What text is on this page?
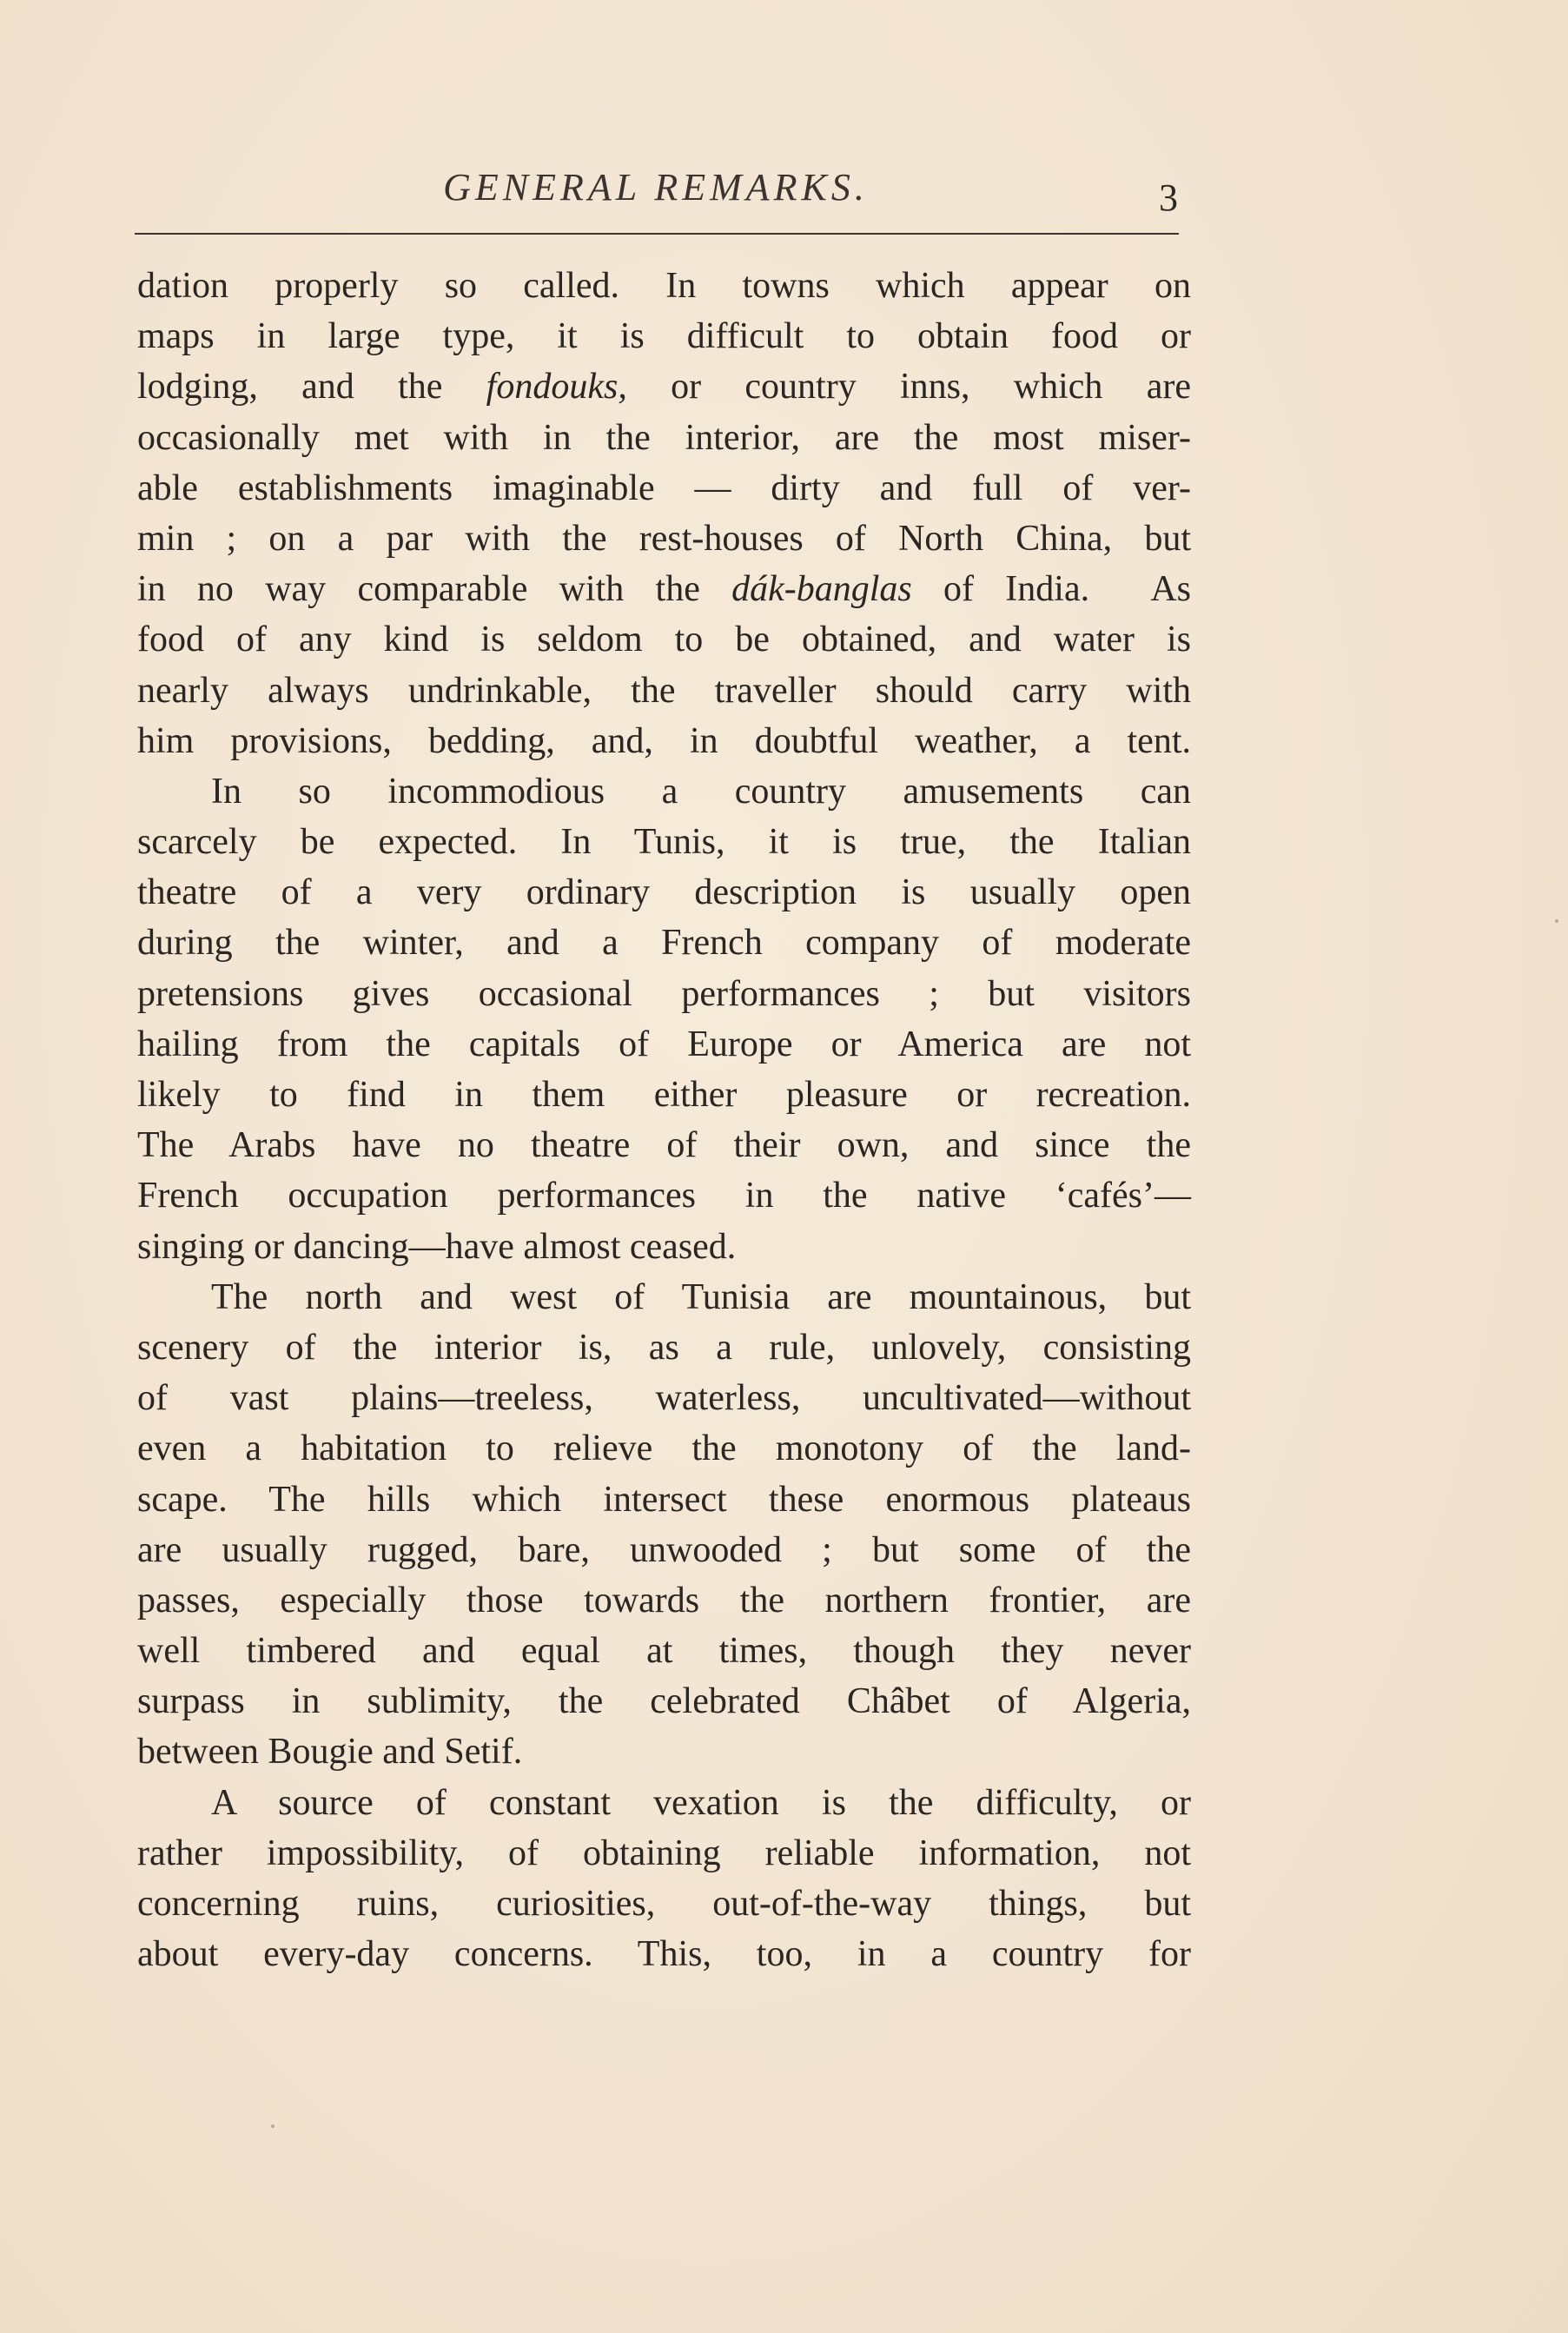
GENERAL REMARKS.	3
dation properly so called. In towns which appear on
maps in large type, it is difficult to obtain food or
lodging, and the fondouks, or country inns, which are
occasionally met with in the interior, are the most miser-
able establishments imaginable — dirty and full of ver-
min ; on a par with the rest-houses of North China, but
in no way comparable with the dák-banglas of India.  As
food of any kind is seldom to be obtained, and water is
nearly always undrinkable, the traveller should carry with
him provisions, bedding, and, in doubtful weather, a tent.
In so incommodious a country amusements can
scarcely be expected. In Tunis, it is true, the Italian
theatre of a very ordinary description is usually open
during the winter, and a French company of moderate
pretensions gives occasional performances ; but visitors
hailing from the capitals of Europe or America are not
likely to find in them either pleasure or recreation.
The Arabs have no theatre of their own, and since the
French occupation performances in the native ‘cafés’—
singing or dancing—have almost ceased.
The north and west of Tunisia are mountainous, but
scenery of the interior is, as a rule, unlovely, consisting
of vast plains—treeless, waterless, uncultivated—without
even a habitation to relieve the monotony of the land-
scape. The hills which intersect these enormous plateaus
are usually rugged, bare, unwooded ; but some of the
passes, especially those towards the northern frontier, are
well timbered and equal at times, though they never
surpass in sublimity, the celebrated Châbet of Algeria,
between Bougie and Setif.
A source of constant vexation is the difficulty, or
rather impossibility, of obtaining reliable information, not
concerning ruins, curiosities, out-of-the-way things, but
about every-day concerns. This, too, in a country for
